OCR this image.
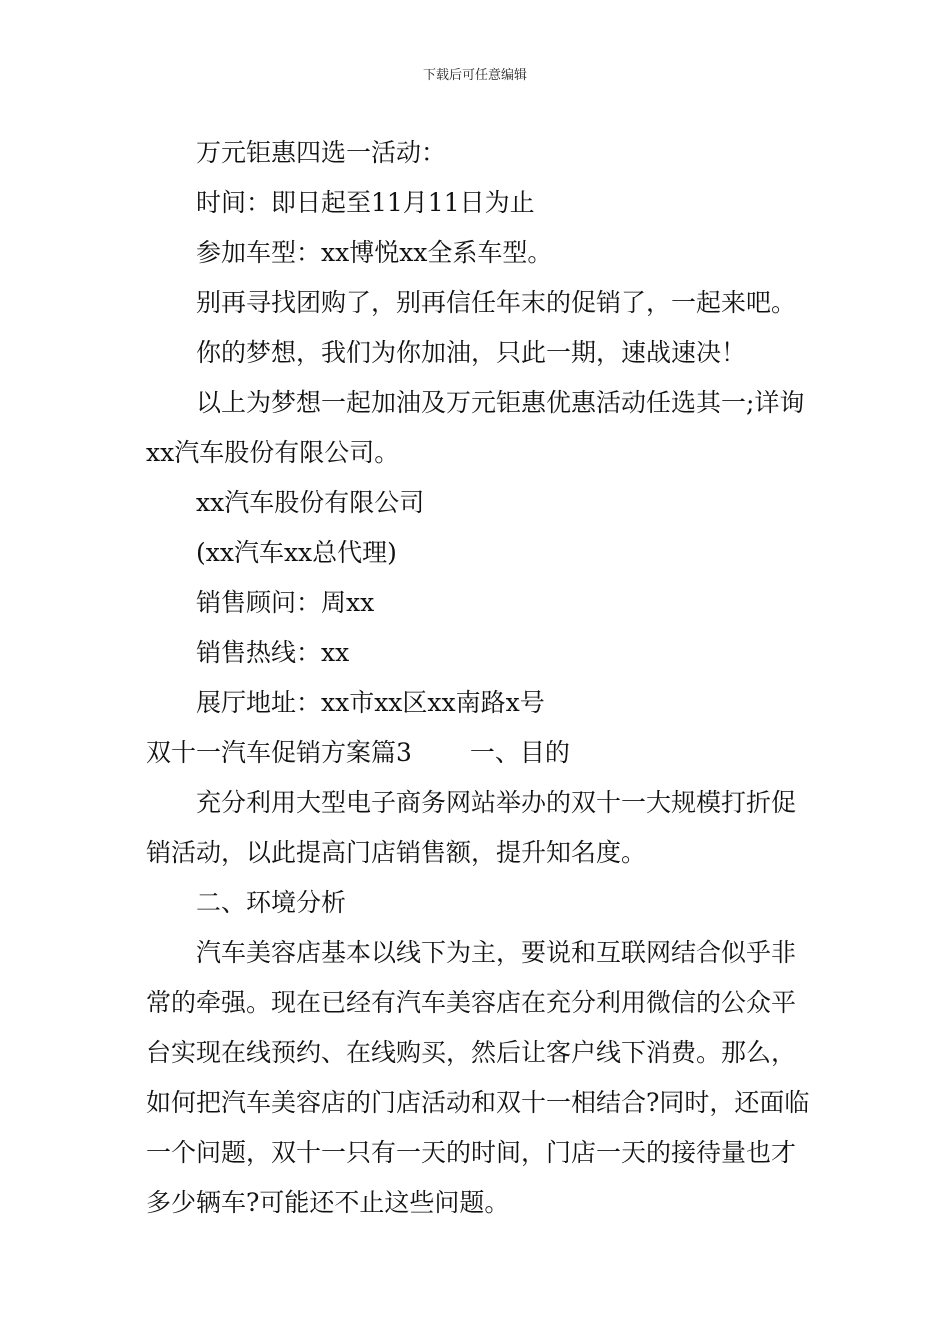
下载后可任意编辑

万元钜惠四选一活动：

时间：即日起至11月11日为止

参加车型：xx博悦xx全系车型。

别再寻找团购了，别再信任年末的促销了，一起来吧。

你的梦想，我们为你加油，只此一期，速战速决！

以上为梦想一起加油及万元钜惠优惠活动任选其一;详询xx汽车股份有限公司。

xx汽车股份有限公司

(xx汽车xx总代理)

销售顾问：周xx

销售热线：xx

展厅地址：xx市xx区xx南路x号

双十一汽车促销方案篇3 一、目的

充分利用大型电子商务网站举办的双十一大规模打折促销活动，以此提高门店销售额，提升知名度。

二、环境分析

汽车美容店基本以线下为主，要说和互联网结合似乎非常的牵强。现在已经有汽车美容店在充分利用微信的公众平台实现在线预约、在线购买，然后让客户线下消费。那么，如何把汽车美容店的门店活动和双十一相结合?同时，还面临一个问题，双十一只有一天的时间，门店一天的接待量也才多少辆车?可能还不止这些问题。
